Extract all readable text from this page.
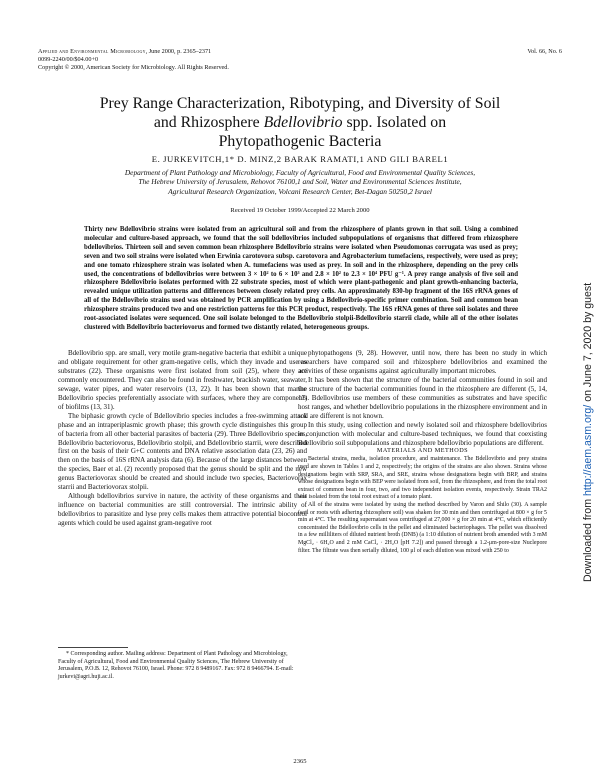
Applied and Environmental Microbiology, June 2000, p. 2365–2371
0099-2240/00/$04.00+0
Copyright © 2000, American Society for Microbiology. All Rights Reserved.
Vol. 66, No. 6
Prey Range Characterization, Ribotyping, and Diversity of Soil
and Rhizosphere Bdellovibrio spp. Isolated on
Phytopathogenic Bacteria
E. JURKEVITCH,1* D. MINZ,2 BARAK RAMATI,1 AND GILI BAREL1
Department of Plant Pathology and Microbiology, Faculty of Agricultural, Food and Environmental Quality Sciences,
The Hebrew University of Jerusalem, Rehovot 76100,1 and Soil, Water and Environmental Sciences Institute,
Agricultural Research Organization, Volcani Research Center, Bet-Dagan 50250,2 Israel
Received 19 October 1999/Accepted 22 March 2000
Thirty new Bdellovibrio strains were isolated from an agricultural soil and from the rhizosphere of plants grown in that soil. Using a combined molecular and culture-based approach, we found that the soil bdellovibrios included subpopulations of organisms that differed from rhizosphere bdellovibrios. Thirteen soil and seven common bean rhizosphere Bdellovibrio strains were isolated when Pseudomonas corrugata was used as prey; seven and two soil strains were isolated when Erwinia carotovora subsp. carotovora and Agrobacterium tumefaciens, respectively, were used as prey; and one tomato rhizosphere strain was isolated when A. tumefaciens was used as prey. In soil and in the rhizosphere, depending on the prey cells used, the concentrations of bdellovibrios were between 3 × 10² to 6 × 10³ and 2.8 × 10² to 2.3 × 10⁴ PFU g⁻¹. A prey range analysis of five soil and rhizosphere Bdellovibrio isolates performed with 22 substrate species, most of which were plant-pathogenic and plant growth-enhancing bacteria, revealed unique utilization patterns and differences between closely related prey cells. An approximately 830-bp fragment of the 16S rRNA genes of all of the Bdellovibrio strains used was obtained by PCR amplification by using a Bdellovibrio-specific primer combination. Soil and common bean rhizosphere strains produced two and one restriction patterns for this PCR product, respectively. The 16S rRNA genes of three soil isolates and three root-associated isolates were sequenced. One soil isolate belonged to the Bdellovibrio stolpii-Bdellovibrio starrii clade, while all of the other isolates clustered with Bdellovibrio bacteriovorus and formed two distantly related, heterogeneous groups.

Bdellovibrio spp. are small, very motile gram-negative bacteria that exhibit a unique and obligate requirement for other gram-negative cells, which they invade and use as substrates (22). These organisms were first isolated from soil (25), where they are commonly encountered. They can also be found in freshwater, brackish water, seawater, sewage, water pipes, and water reservoirs (13, 22). It has been shown that marine Bdellovibrio species preferentially associate with surfaces, where they are components of biofilms (13, 31).

The biphasic growth cycle of Bdellovibrio species includes a free-swimming attack phase and an intraperiplasmic growth phase; this growth cycle distinguishes this group of bacteria from all other bacterial parasites of bacteria (29). Three Bdellovibrio species, Bdellovibrio bacteriovorus, Bdellovibrio stolpii, and Bdellovibrio starrii, were described first on the basis of their G+C contents and DNA relative association data (23, 26) and then on the basis of 16S rRNA analysis data (6). Because of the large distances between the species, Baer et al. (2) recently proposed that the genus should be split and the new genus Bacteriovorax should be created and should include two species, Bacteriovorax starrii and Bacteriovorax stolpii.

Although bdellovibrios survive in nature, the activity of these organisms and their influence on bacterial communities are still controversial. The intrinsic ability of bdellovibrios to parasitize and lyse prey cells makes them attractive potential biocontrol agents which could be used against gram-negative root

phytopathogens (9, 28). However, until now, there has been no study in which researchers have compared soil and rhizosphere bdellovibrios and examined the activities of these organisms against agriculturally important microbes.

It has been shown that the structure of the bacterial communities found in soil and the structure of the bacterial communities found in the rhizosphere are different (5, 14, 17). Bdellovibrios use members of these communities as substrates and have specific host ranges, and whether bdellovibrio populations in the rhizosphere environment and in soil are different is not known.

In this study, using collection and newly isolated soil and rhizosphere bdellovibrios in conjunction with molecular and culture-based techniques, we found that coexisting Bdellovibrio soil subpopulations and rhizosphere bdellovibrio populations are different.

MATERIALS AND METHODS

Bacterial strains, media, isolation procedure, and maintenance. The Bdellovibrio and prey strains used are shown in Tables 1 and 2, respectively; the origins of the strains are also shown. Strains whose designations begin with SRP, SRA, and SRE, strains whose designations begin with BRP, and strains whose designations begin with BEP were isolated from soil, from the rhizosphere, and from the total root extract of common bean in four, two, and two independent isolation events, respectively. Strain TRA2 was isolated from the total root extract of a tomato plant.

All of the strains were isolated by using the method described by Varon and Shilo (30). A sample (soil or roots with adhering rhizosphere soil) was shaken for 30 min and then centrifuged at 800 × g for 5 min at 4°C. The resulting supernatant was centrifuged at 27,000 × g for 20 min at 4°C, which efficiently concentrated the Bdellovibrio cells in the pellet and eliminated bacteriophages. The pellet was dissolved in a few milliliters of diluted nutrient broth (DNB) (a 1:10 dilution of nutrient broth amended with 3 mM MgCl₂ · 6H₂O and 2 mM CaCl₂ · 2H₂O [pH 7.2]) and passed through a 1.2-μm-pore-size Nuclepore filter. The filtrate was then serially diluted, 100 μl of each dilution was mixed with 250 to

* Corresponding author. Mailing address: Department of Plant Pathology and Microbiology, Faculty of Agricultural, Food and Environmental Quality Sciences, The Hebrew University of Jerusalem, P.O.B. 12, Rehovot 76100, Israel. Phone: 972 8 9489167. Fax: 972 8 9466794. E-mail: jurkevi@agri.huji.ac.il.
2365
Downloaded from http://aem.asm.org/ on June 7, 2020 by guest
